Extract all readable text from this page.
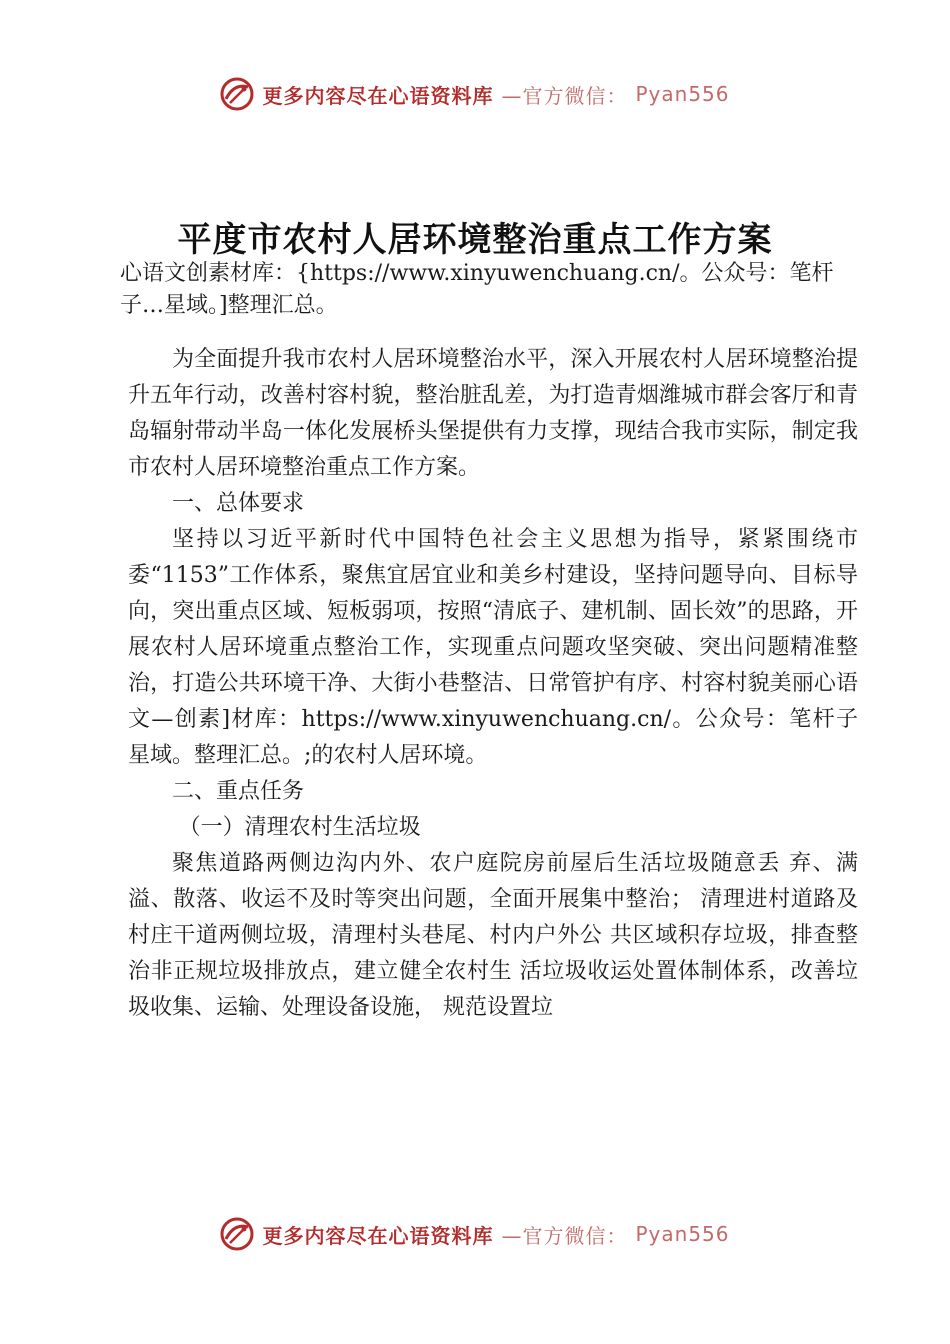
更多内容尽在心语资料库 —官方微信： Pyan556
平度市农村人居环境整治重点工作方案
心语文创素材库：{https://www.xinyuwenchuang.cn/。公众号：笔杆子…星域。]整理汇总。

为全面提升我市农村人居环境整治水平，深入开展农村人居环境整治提升五年行动，改善村容村貌，整治脏乱差，为打造青烟潍城市群会客厅和青岛辐射带动半岛一体化发展桥头堡提供有力支撑，现结合我市实际，制定我市农村人居环境整治重点工作方案。

一、总体要求

坚持以习近平新时代中国特色社会主义思想为指导，紧紧围绕市委“1153”工作体系，聚焦宜居宜业和美乡村建设，坚持问题导向、目标导向，突出重点区域、短板弱项，按照“清底子、建机制、固长效”的思路，开展农村人居环境重点整治工作，实现重点问题攻坚突破、突出问题精准整治，打造公共环境干净、大街小巷整洁、日常管护有序、村容村貌美丽心语文—创素]材库：https://www.xinyuwenchuang.cn/。公众号：笔杆子星域。整理汇总。;的农村人居环境。

二、重点任务

（一）清理农村生活垃圾

聚焦道路两侧边沟内外、农户庭院房前屋后生活垃圾随意丢 弃、满溢、散落、收运不及时等突出问题，全面开展集中整治； 清理进村道路及村庄干道两侧垃圾，清理村头巷尾、村内户外公 共区域积存垃圾，排查整治非正规垃圾排放点，建立健全农村生 活垃圾收运处置体制体系，改善垃圾收集、运输、处理设备设施， 规范设置垃

更多内容尽在心语资料库 —官方微信： Pyan556
